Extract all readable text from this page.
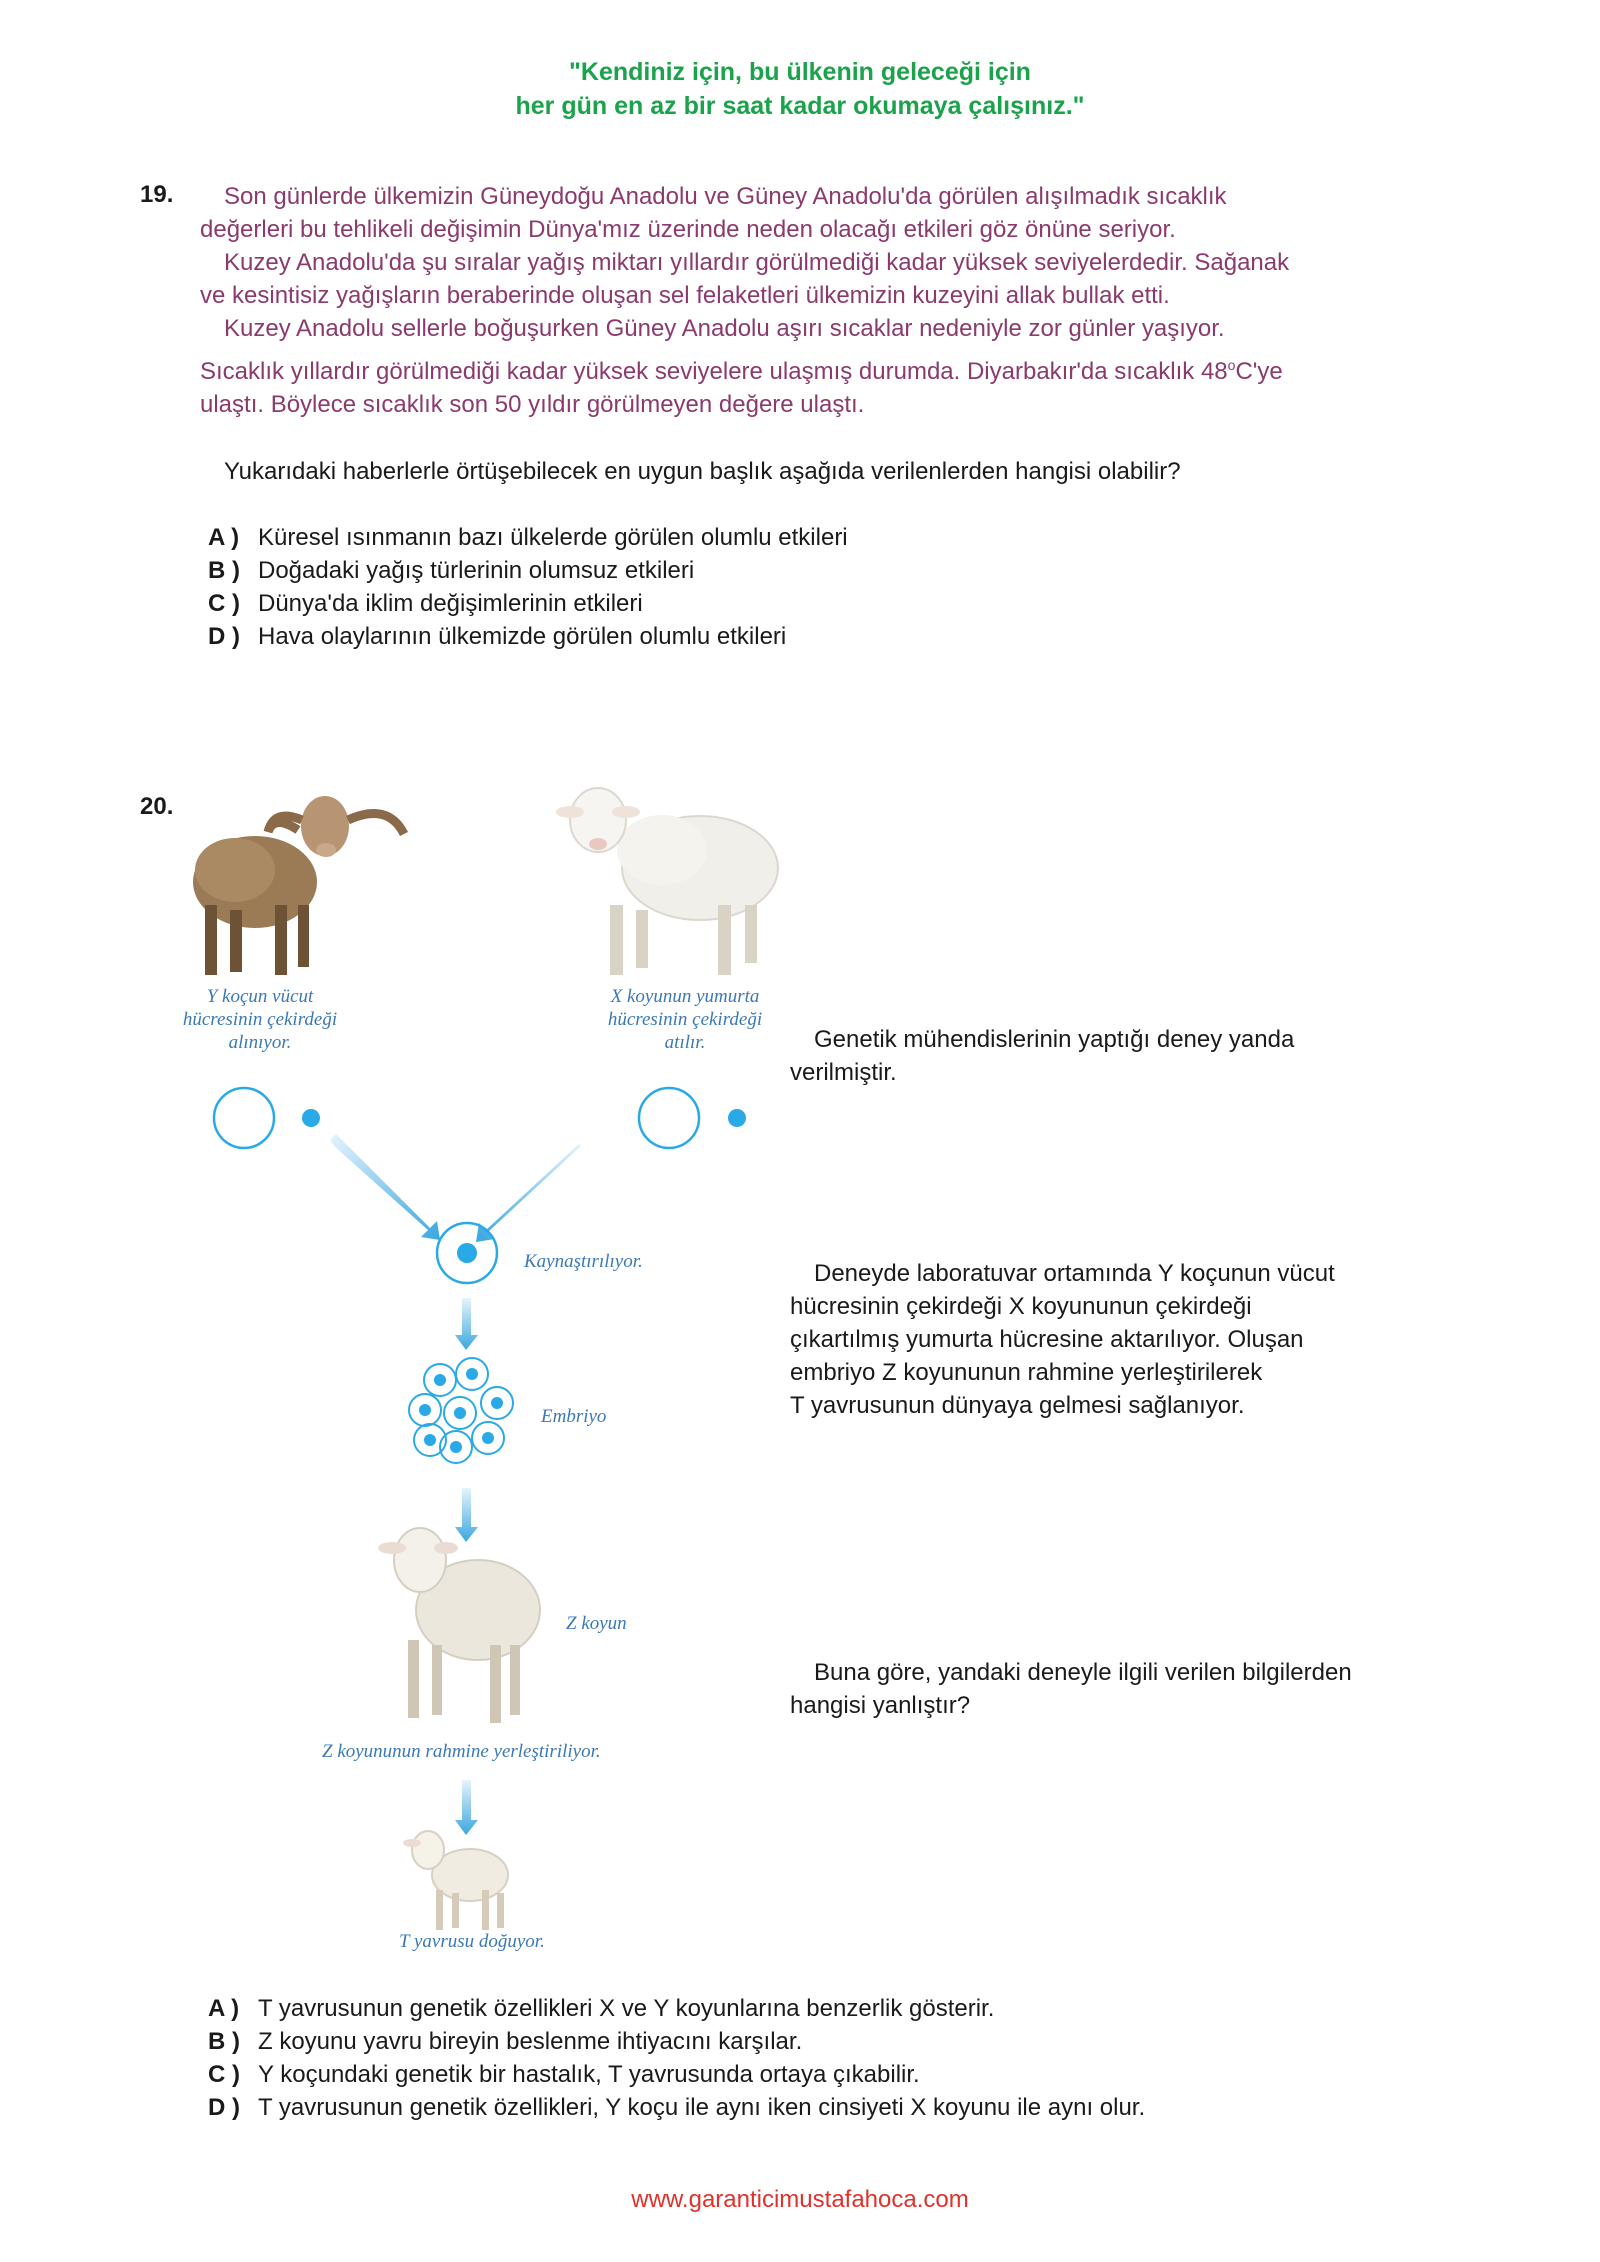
"Kendiniz için, bu ülkenin geleceği için
her gün en az bir saat kadar okumaya çalışınız."
19. Son günlerde ülkemizin Güneydoğu Anadolu ve Güney Anadolu'da görülen alışılmadık sıcaklık

değerleri bu tehlikeli değişimin Dünya'mız üzerinde neden olacağı etkileri göz önüne seriyor.

Kuzey Anadolu'da şu sıralar yağış miktarı yıllardır görülmediği kadar yüksek seviyelerdedir. Sağanak

ve kesintisiz yağışların beraberinde oluşan sel felaketleri ülkemizin kuzeyini allak bullak etti.

Kuzey Anadolu sellerle boğuşurken Güney Anadolu aşırı sıcaklar nedeniyle zor günler yaşıyor.

Sıcaklık yıllardır görülmediği kadar yüksek seviyelere ulaşmış durumda. Diyarbakır'da sıcaklık 48$^o$C'ye

ulaştı. Böylece sıcaklık son 50 yıldır görülmeyen değere ulaştı.

Yukarıdaki haberlerle örtüşebilecek en uygun başlık aşağıda verilenlerden hangisi olabilir?
A ) Küresel ısınmanın bazı ülkelerde görülen olumlu etkileri
B ) Doğadaki yağış türlerinin olumsuz etkileri
C ) Dünya'da iklim değişimlerinin etkileri
D ) Hava olaylarının ülkemizde görülen olumlu etkileri
20.
Y koçun vücut
hücresinin çekirdeği
alınıyor.
X koyunun yumurta
hücresinin çekirdeği
atılır.
Kaynaştırılıyor.
Embriyo
Z koyun
Z koyununun rahmine yerleştiriliyor.
T yavrusu doğuyor.

Genetik mühendislerinin yaptığı deney yanda

verilmiştir.

Deneyde laboratuvar ortamında Y koçunun vücut

hücresinin çekirdeği X koyununun çekirdeği

çıkartılmış yumurta hücresine aktarılıyor. Oluşan

embriyo Z koyununun rahmine yerleştirilerek

T yavrusunun dünyaya gelmesi sağlanıyor.

Buna göre, yandaki deneyle ilgili verilen bilgilerden

hangisi yanlıştır?

A ) T yavrusunun genetik özellikleri X ve Y koyunlarına benzerlik gösterir.
B ) Z koyunu yavru bireyin beslenme ihtiyacını karşılar.
C ) Y koçundaki genetik bir hastalık, T yavrusunda ortaya çıkabilir.
D ) T yavrusunun genetik özellikleri, Y koçu ile aynı iken cinsiyeti X koyunu ile aynı olur.
www.garanticimustafahoca.com
